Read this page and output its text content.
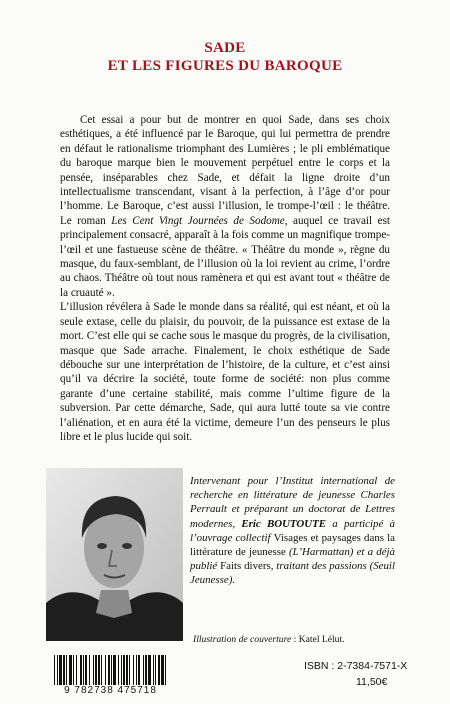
SADE
ET LES FIGURES DU BAROQUE

Cet essai a pour but de montrer en quoi Sade, dans ses choix esthétiques, a été influencé par le Baroque, qui lui permettra de prendre en défaut le rationalisme triomphant des Lumières ; le pli emblématique du baroque marque bien le mouvement perpétuel entre le corps et la pensée, inséparables chez Sade, et défait la ligne droite d’un intellectualisme transcendant, visant à la perfection, à l’âge d’or pour l’homme. Le Baroque, c’est aussi l’illusion, le trompe-l’œil : le théâtre. Le roman Les Cent Vingt Journées de Sodome, auquel ce travail est principalement consacré, apparaît à la fois comme un magnifique trompe-l’œil et une fastueuse scène de théâtre. « Théâtre du monde », règne du masque, du faux-semblant, de l’illusion où la loi revient au crime, l’ordre au chaos. Théâtre où tout nous ramènera et qui est avant tout « théâtre de la cruauté ».

L’illusion révélera à Sade le monde dans sa réalité, qui est néant, et où la seule extase, celle du plaisir, du pouvoir, de la puissance est extase de la mort. C’est elle qui se cache sous le masque du progrès, de la civilisation, masque que Sade arrache. Finalement, le choix esthétique de Sade débouche sur une interprétation de l’histoire, de la culture, et c’est ainsi qu’il va décrire la société, toute forme de société: non plus comme garante d’une certaine stabilité, mais comme l’ultime figure de la subversion. Par cette démarche, Sade, qui aura lutté toute sa vie contre l’aliénation, et en aura été la victime, demeure l’un des penseurs le plus libre et le plus lucide qui soit.

Intervenant pour l’Institut international de recherche en littérature de jeunesse Charles Perrault et préparant un doctorat de Lettres modernes, Eric BOUTOUTE a participé à l’ouvrage collectif Visages et paysages dans la littérature de jeunesse (L’Harmattan) et a déjà publié Faits divers, traitant des passions (Seuil Jeunesse).
Illustration de couverture : Katel Lélut.
9 782738 475718
ISBN : 2-7384-7571-X
11,50€
